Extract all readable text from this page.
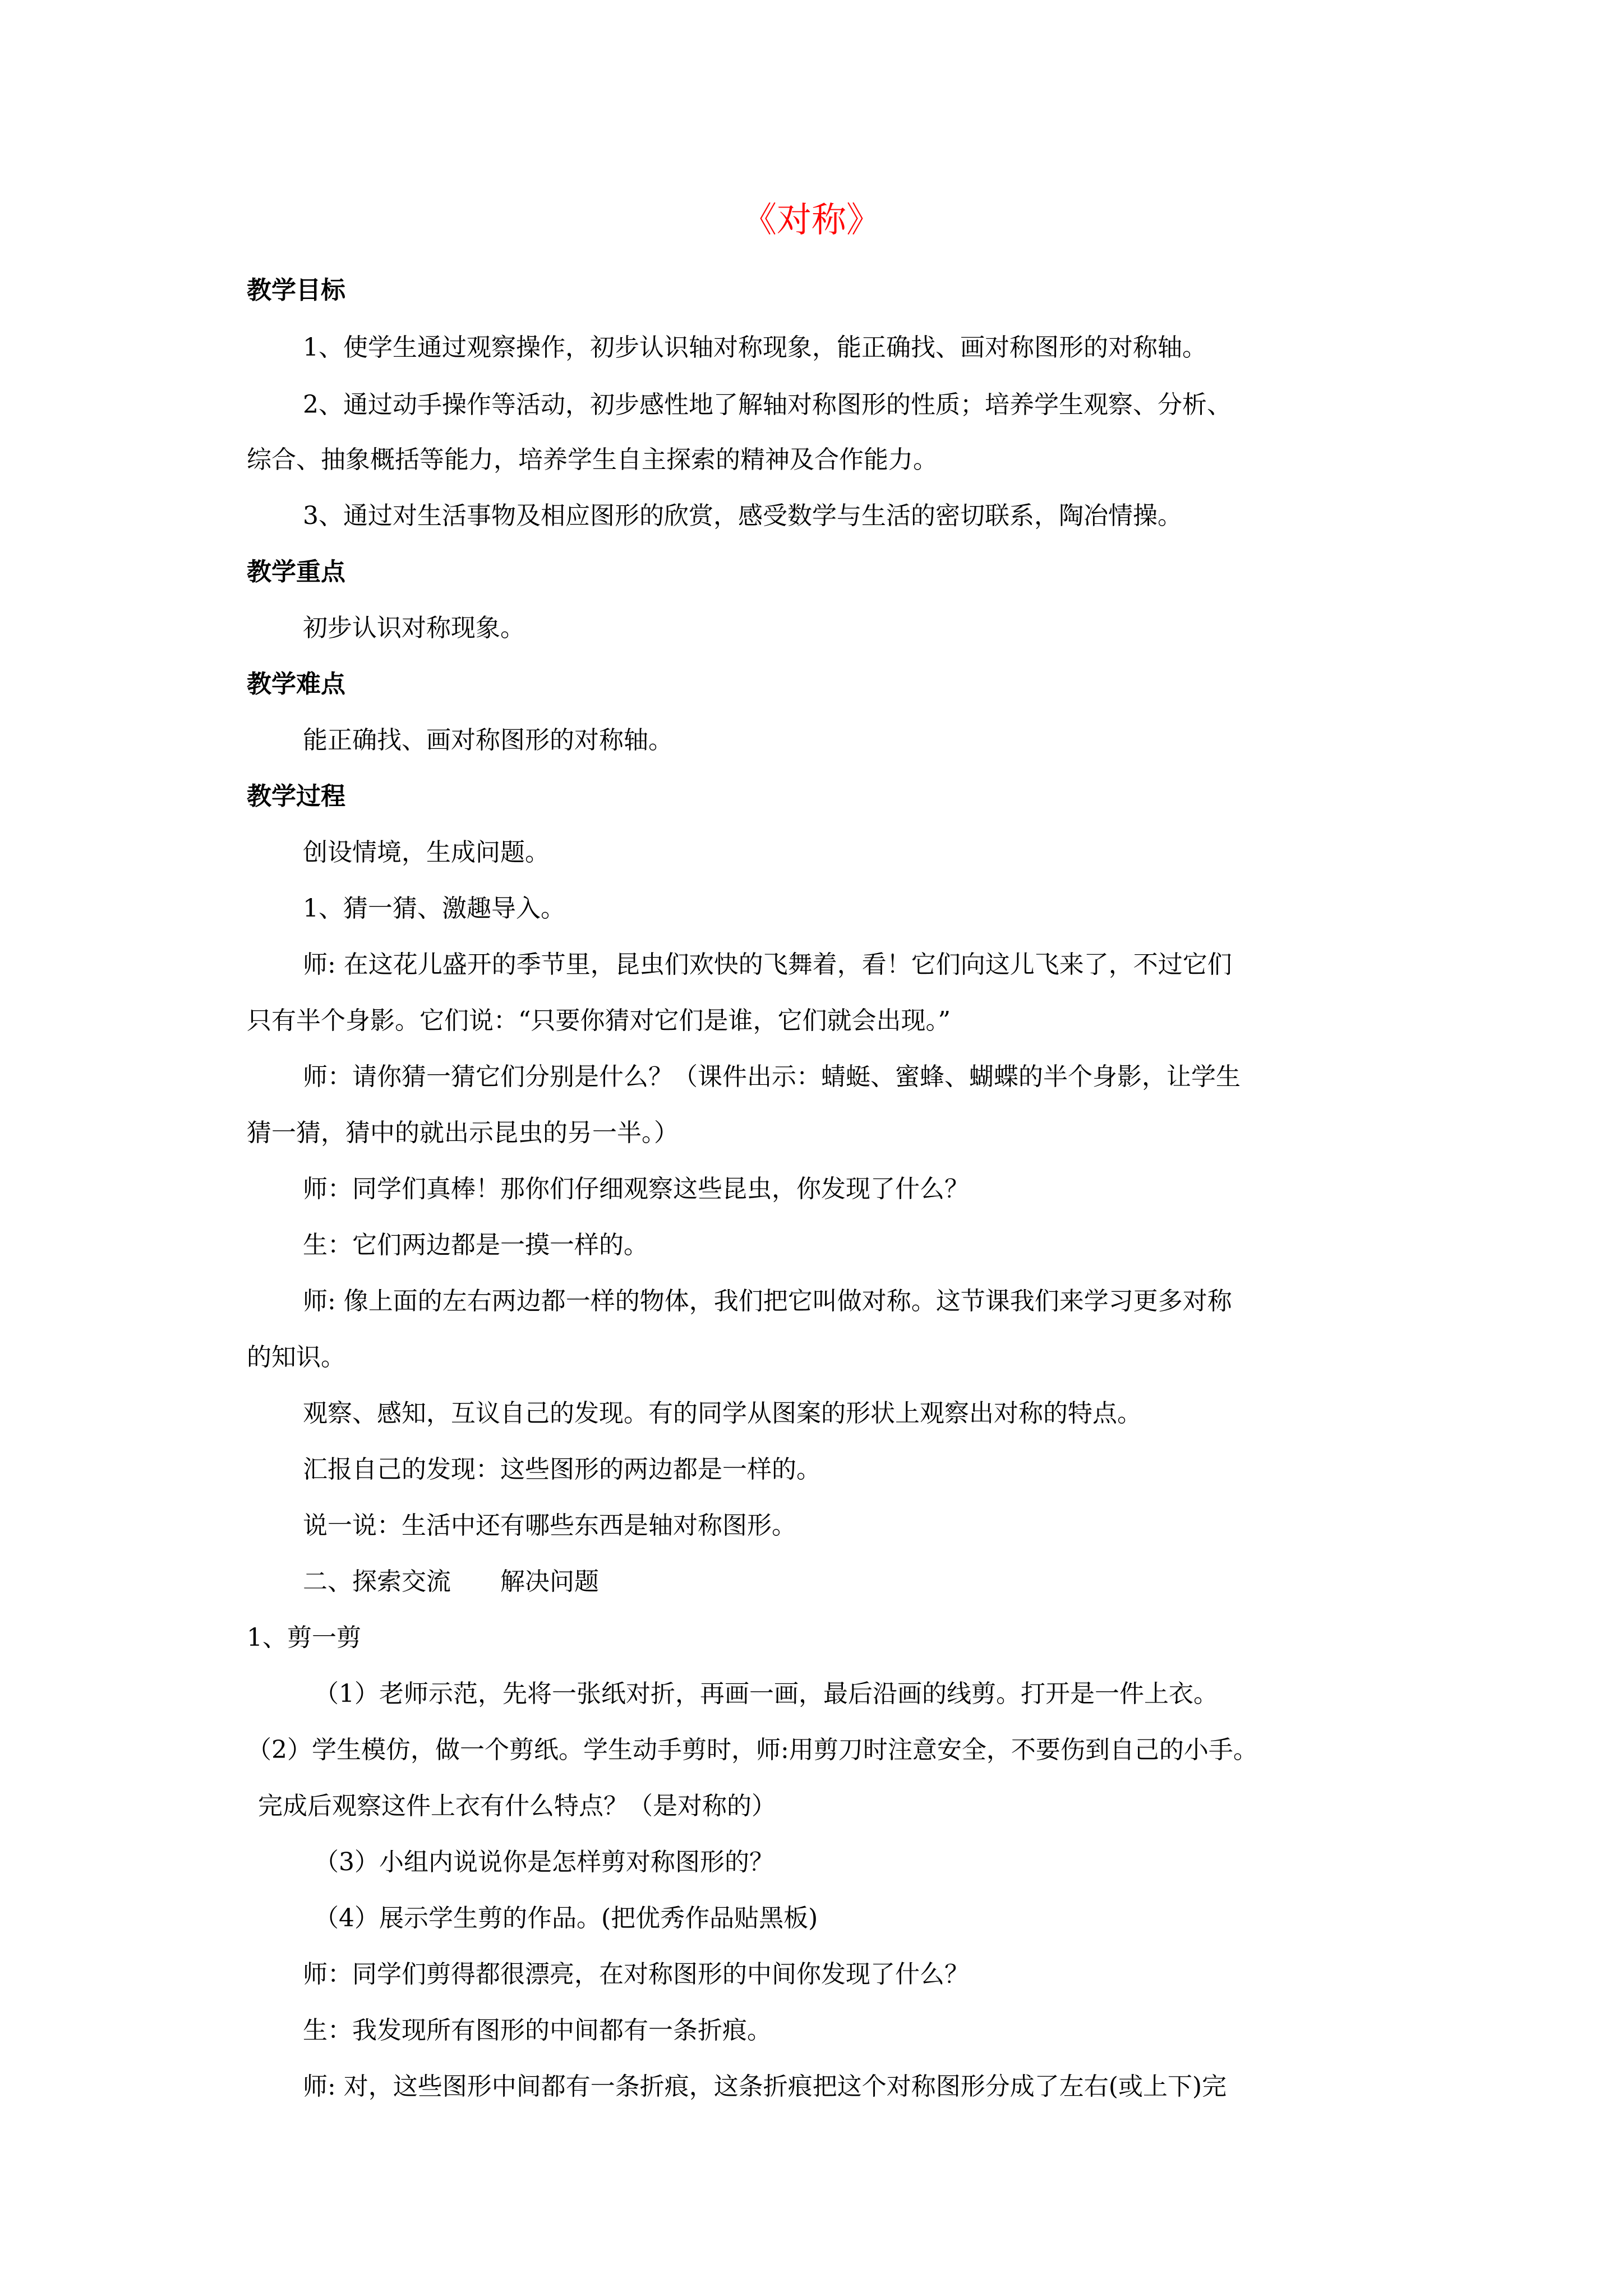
《对称》
教学目标
1、使学生通过观察操作，初步认识轴对称现象，能正确找、画对称图形的对称轴。
2、通过动手操作等活动，初步感性地了解轴对称图形的性质；培养学生观察、分析、
综合、抽象概括等能力，培养学生自主探索的精神及合作能力。
3、通过对生活事物及相应图形的欣赏，感受数学与生活的密切联系，陶冶情操。
教学重点
初步认识对称现象。
教学难点
能正确找、画对称图形的对称轴。
教学过程
创设情境，生成问题。
1、猜一猜、激趣导入。
师: 在这花儿盛开的季节里，昆虫们欢快的飞舞着，看！它们向这儿飞来了，不过它们
只有半个身影。它们说：“只要你猜对它们是谁，它们就会出现。”
师：请你猜一猜它们分别是什么？（课件出示：蜻蜓、蜜蜂、蝴蝶的半个身影，让学生
猜一猜，猜中的就出示昆虫的另一半。）
师：同学们真棒！那你们仔细观察这些昆虫，你发现了什么？
生：它们两边都是一摸一样的。
师: 像上面的左右两边都一样的物体，我们把它叫做对称。这节课我们来学习更多对称
的知识。
观察、感知，互议自己的发现。有的同学从图案的形状上观察出对称的特点。
汇报自己的发现：这些图形的两边都是一样的。
说一说：生活中还有哪些东西是轴对称图形。
二、探索交流　　解决问题
1、剪一剪
（1）老师示范，先将一张纸对折，再画一画，最后沿画的线剪。打开是一件上衣。
（2）学生模仿，做一个剪纸。学生动手剪时，师:用剪刀时注意安全，不要伤到自己的小手。
完成后观察这件上衣有什么特点？（是对称的）
（3）小组内说说你是怎样剪对称图形的？
（4）展示学生剪的作品。(把优秀作品贴黑板)
师：同学们剪得都很漂亮，在对称图形的中间你发现了什么？
生：我发现所有图形的中间都有一条折痕。
师: 对，这些图形中间都有一条折痕，这条折痕把这个对称图形分成了左右(或上下)完
